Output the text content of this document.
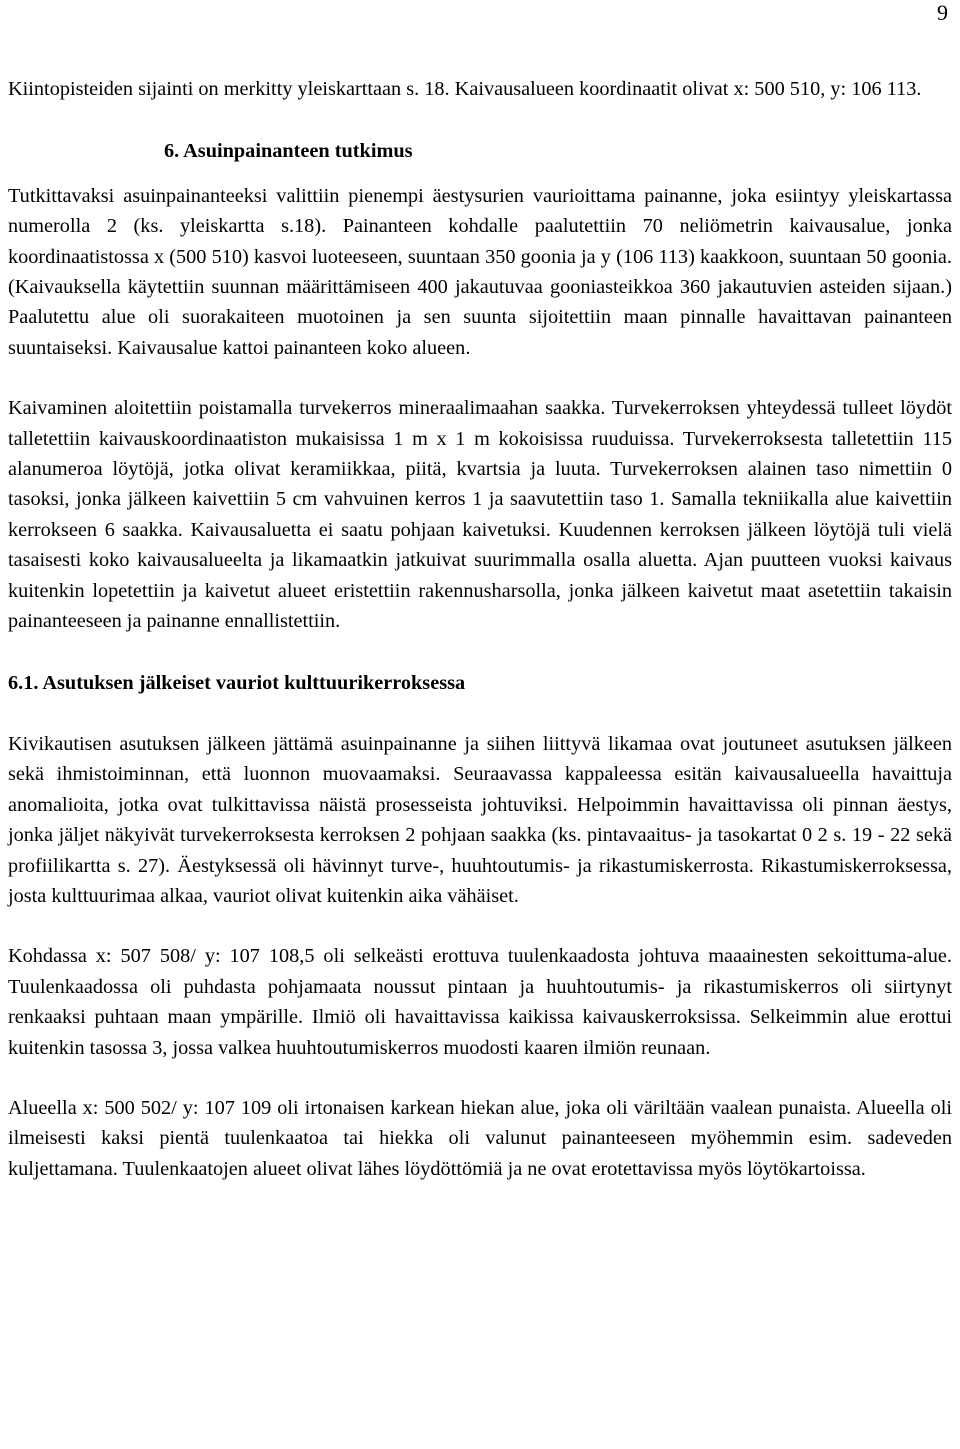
9

Kiintopisteiden sijainti on merkitty yleiskarttaan s. 18. Kaivausalueen koordinaatit olivat x: 500 510, y: 106 113.

6. Asuinpainanteen tutkimus

Tutkittavaksi asuinpainanteeksi valittiin pienempi äestysurien vaurioittama painanne, joka esiintyy yleiskartassa numerolla 2 (ks. yleiskartta s.18). Painanteen kohdalle paalutettiin 70 neliömetrin kaivausalue, jonka koordinaatistossa x (500 510) kasvoi luoteeseen, suuntaan 350 goonia ja y (106 113) kaakkoon, suuntaan 50 goonia. (Kaivauksella käytettiin suunnan määrittämiseen 400 jakautuvaa gooniasteikkoa 360 jakautuvien asteiden sijaan.) Paalutettu alue oli suorakaiteen muotoinen ja sen suunta sijoitettiin maan pinnalle havaittavan painanteen suuntaiseksi. Kaivausalue kattoi painanteen koko alueen.

Kaivaminen aloitettiin poistamalla turvekerros mineraalimaahan saakka. Turvekerroksen yhteydessä tulleet löydöt talletettiin kaivauskoordinaatiston mukaisissa 1 m x 1 m kokoisissa ruuduissa. Turvekerroksesta talletettiin 115 alanumeroa löytöjä, jotka olivat keramiikkaa, piitä, kvartsia ja luuta. Turvekerroksen alainen taso nimettiin 0 tasoksi, jonka jälkeen kaivettiin 5 cm vahvuinen kerros 1 ja saavutettiin taso 1. Samalla tekniikalla alue kaivettiin kerrokseen 6 saakka. Kaivausaluetta ei saatu pohjaan kaivetuksi. Kuudennen kerroksen jälkeen löytöjä tuli vielä tasaisesti koko kaivausalueelta ja likamaatkin jatkuivat suurimmalla osalla aluetta. Ajan puutteen vuoksi kaivaus kuitenkin lopetettiin ja kaivetut alueet eristettiin rakennusharsolla, jonka jälkeen kaivetut maat asetettiin takaisin painanteeseen ja painanne ennallistettiin.

6.1. Asutuksen jälkeiset vauriot kulttuurikerroksessa

Kivikautisen asutuksen jälkeen jättämä asuinpainanne ja siihen liittyvä likamaa ovat joutuneet asutuksen jälkeen sekä ihmistoiminnan, että luonnon muovaamaksi. Seuraavassa kappaleessa esitän kaivausalueella havaittuja anomalioita, jotka ovat tulkittavissa näistä prosesseista johtuviksi. Helpoimmin havaittavissa oli pinnan äestys, jonka jäljet näkyivät turvekerroksesta kerroksen 2 pohjaan saakka (ks. pintavaaitus- ja tasokartat 0 2 s. 19 - 22 sekä profiilikartta s. 27). Äestyksessä oli hävinnyt turve-, huuhtoutumis- ja rikastumiskerrosta. Rikastumiskerroksessa, josta kulttuurimaa alkaa, vauriot olivat kuitenkin aika vähäiset.

Kohdassa x: 507 508/ y: 107 108,5 oli selkeästi erottuva tuulenkaadosta johtuva maaainesten sekoittuma-alue. Tuulenkaadossa oli puhdasta pohjamaata noussut pintaan ja huuhtoutumis- ja rikastumiskerros oli siirtynyt renkaaksi puhtaan maan ympärille. Ilmiö oli havaittavissa kaikissa kaivauskerroksissa. Selkeimmin alue erottui kuitenkin tasossa 3, jossa valkea huuhtoutumiskerros muodosti kaaren ilmiön reunaan.

Alueella x: 500 502/ y: 107 109 oli irtonaisen karkean hiekan alue, joka oli väriltään vaalean punaista. Alueella oli ilmeisesti kaksi pientä tuulenkaatoa tai hiekka oli valunut painanteeseen myöhemmin esim. sadeveden kuljettamana. Tuulenkaatojen alueet olivat lähes löydöttömiä ja ne ovat erotettavissa myös löytökartoissa.
